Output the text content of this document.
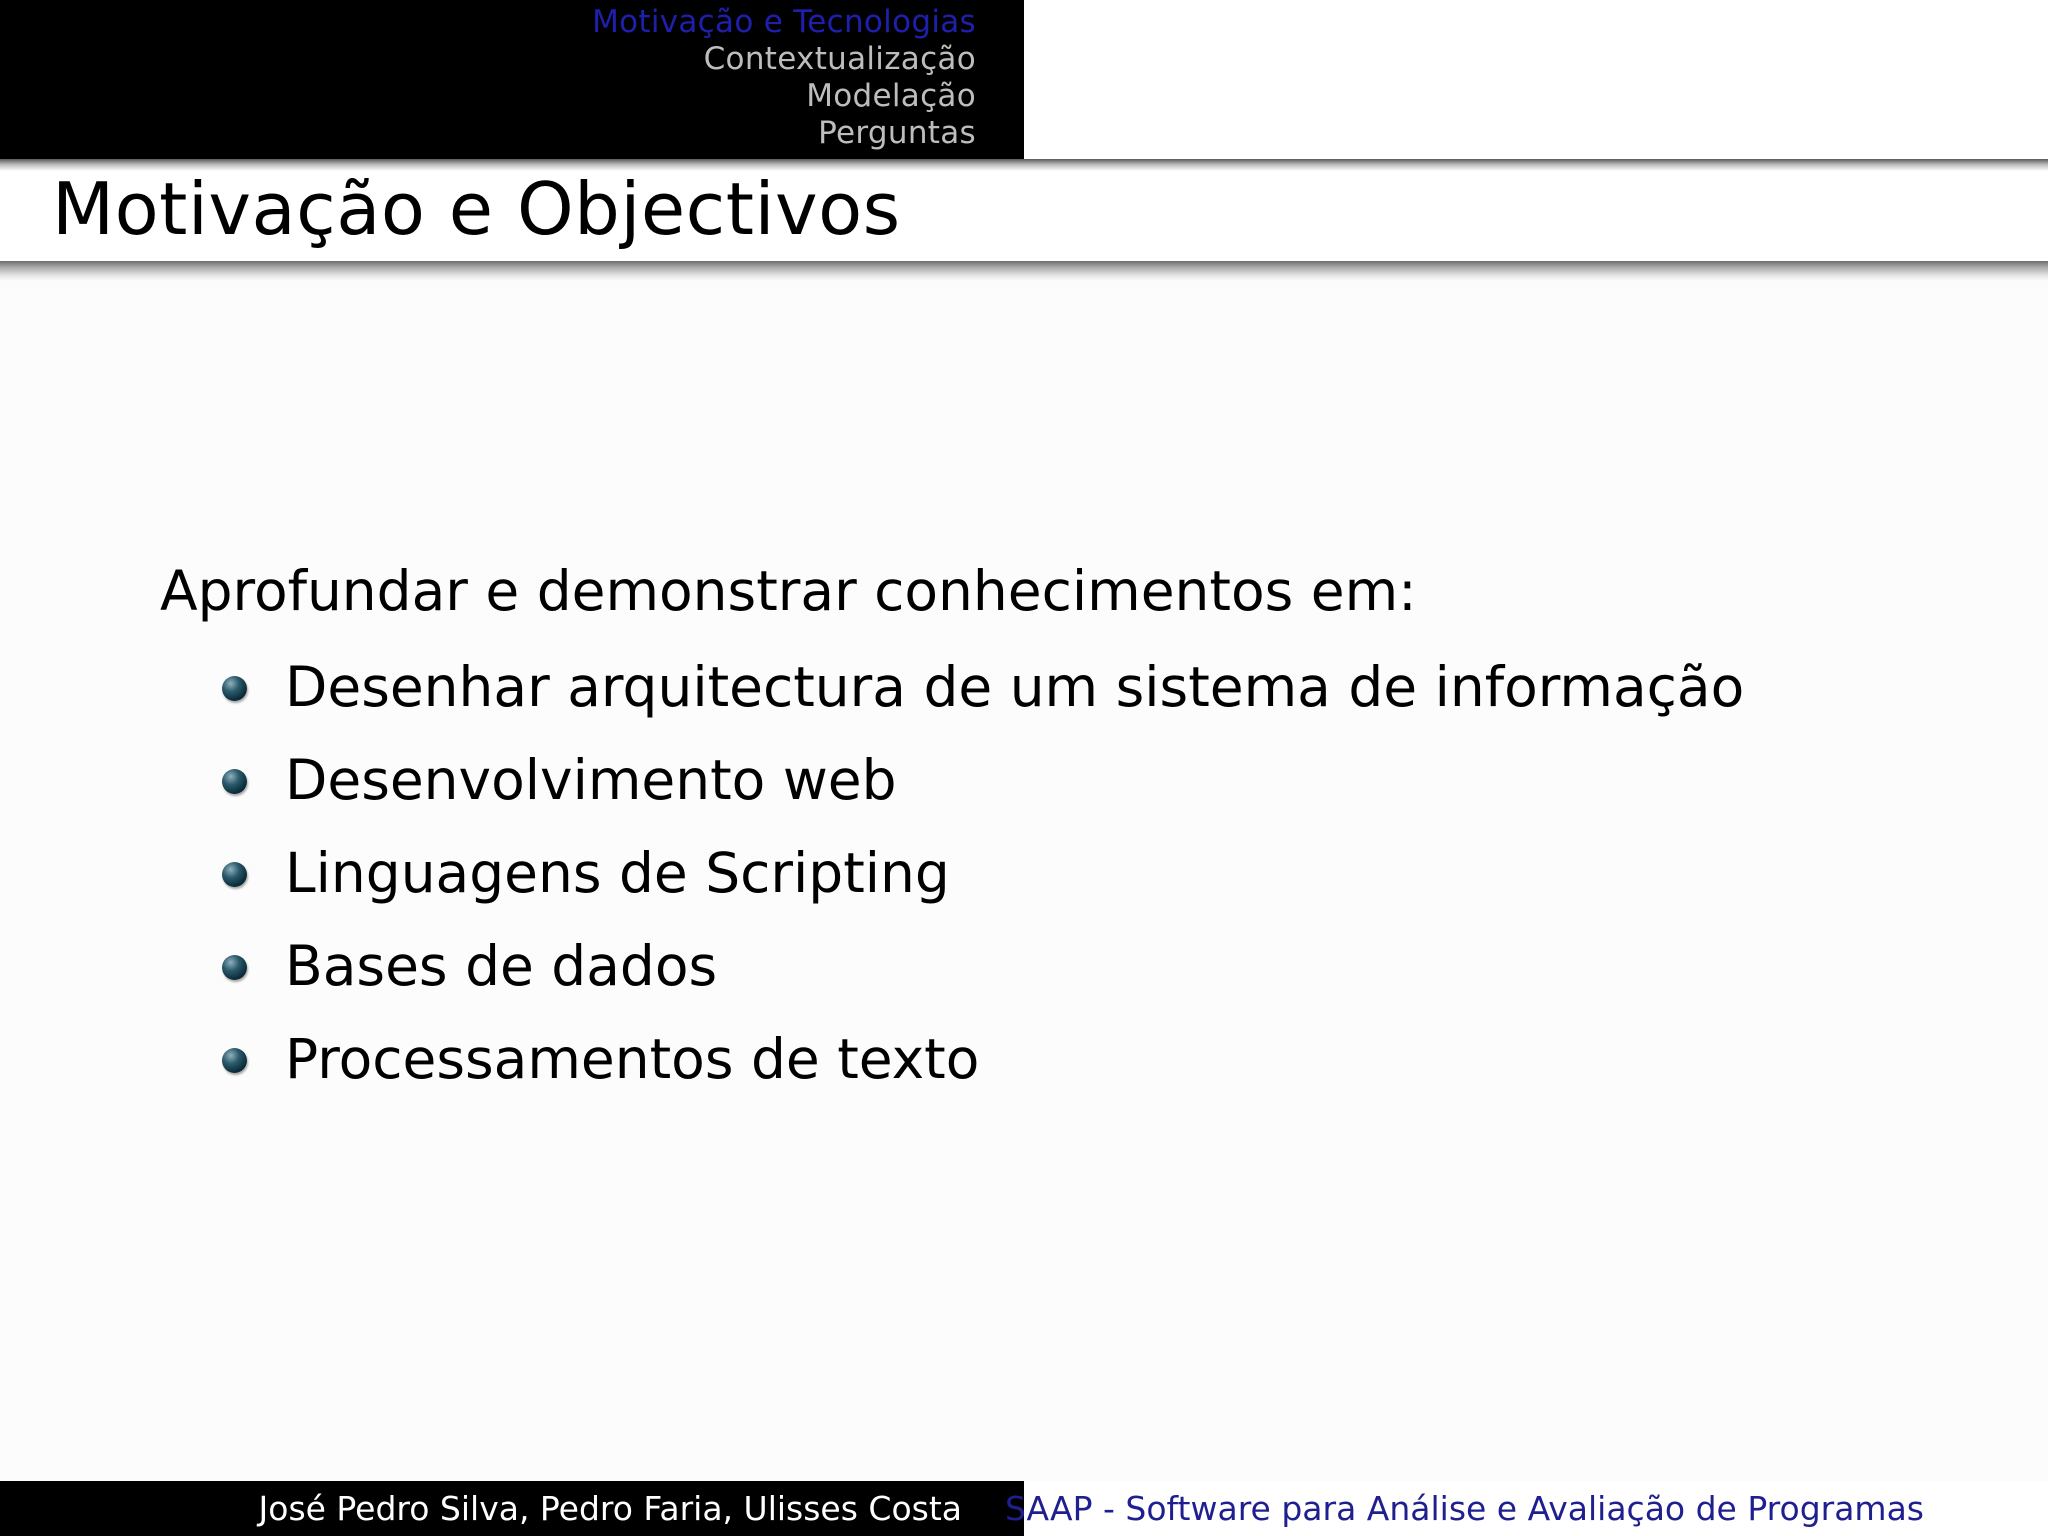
Motivação e Tecnologias
Contextualização
Modelação
Perguntas
Motivação e Objectivos

Aprofundar e demonstrar conhecimentos em:

Desenhar arquitectura de um sistema de informação
Desenvolvimento web
Linguagens de Scripting
Bases de dados
Processamentos de texto
José Pedro Silva, Pedro Faria, Ulisses Costa SAAP - Software para Análise e Avaliação de Programas
